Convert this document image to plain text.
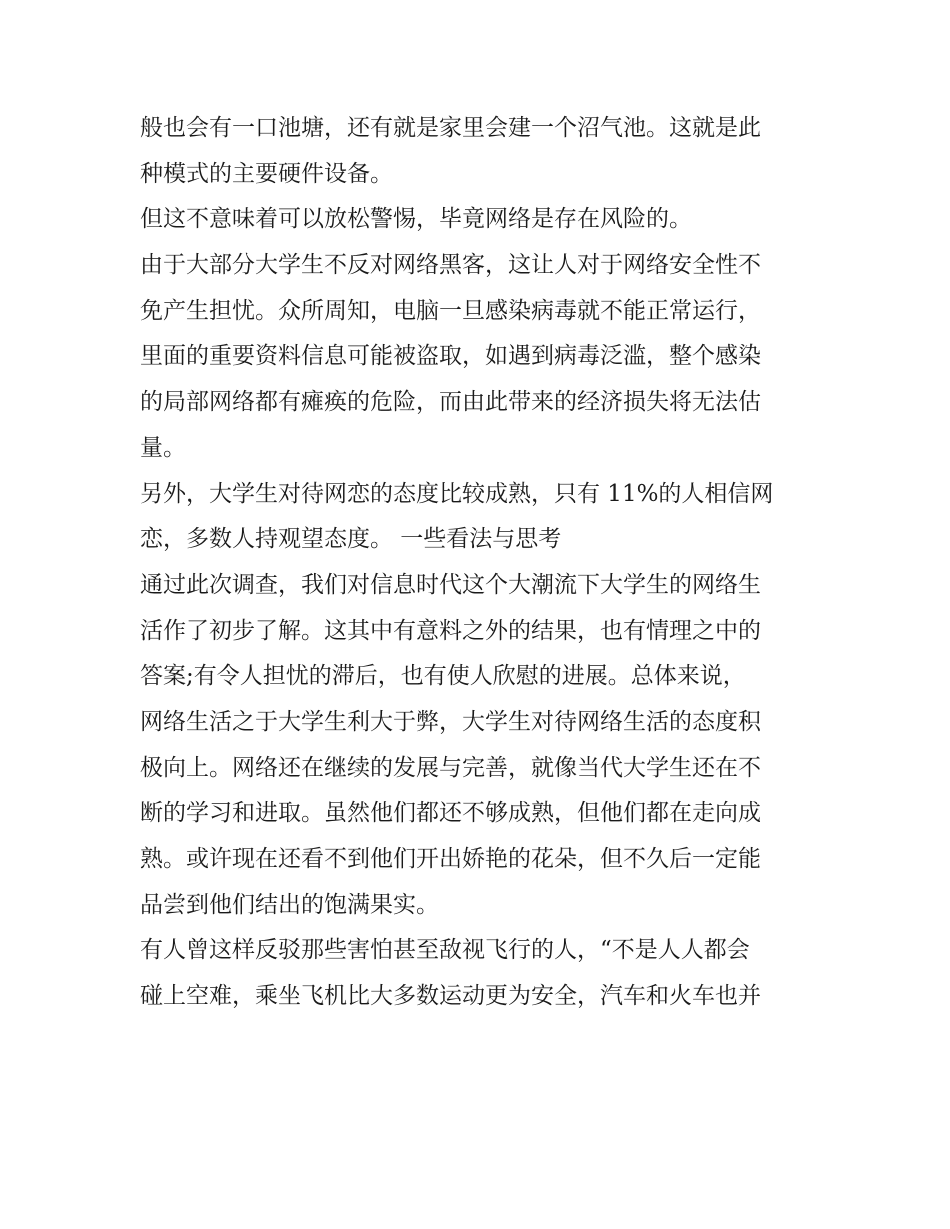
般也会有一口池塘，还有就是家里会建一个沼气池。这就是此
种模式的主要硬件设备。

但这不意味着可以放松警惕，毕竟网络是存在风险的。

由于大部分大学生不反对网络黑客，这让人对于网络安全性不
免产生担忧。众所周知，电脑一旦感染病毒就不能正常运行，
里面的重要资料信息可能被盗取，如遇到病毒泛滥，整个感染
的局部网络都有瘫痪的危险，而由此带来的经济损失将无法估
量。

另外，大学生对待网恋的态度比较成熟，只有 11%的人相信网
恋，多数人持观望态度。 一些看法与思考

通过此次调查，我们对信息时代这个大潮流下大学生的网络生
活作了初步了解。这其中有意料之外的结果，也有情理之中的
答案;有令人担忧的滞后，也有使人欣慰的进展。总体来说，
网络生活之于大学生利大于弊，大学生对待网络生活的态度积
极向上。网络还在继续的发展与完善，就像当代大学生还在不
断的学习和进取。虽然他们都还不够成熟，但他们都在走向成
熟。或许现在还看不到他们开出娇艳的花朵，但不久后一定能
品尝到他们结出的饱满果实。

有人曾这样反驳那些害怕甚至敌视飞行的人，“不是人人都会
碰上空难，乘坐飞机比大多数运动更为安全，汽车和火车也并
